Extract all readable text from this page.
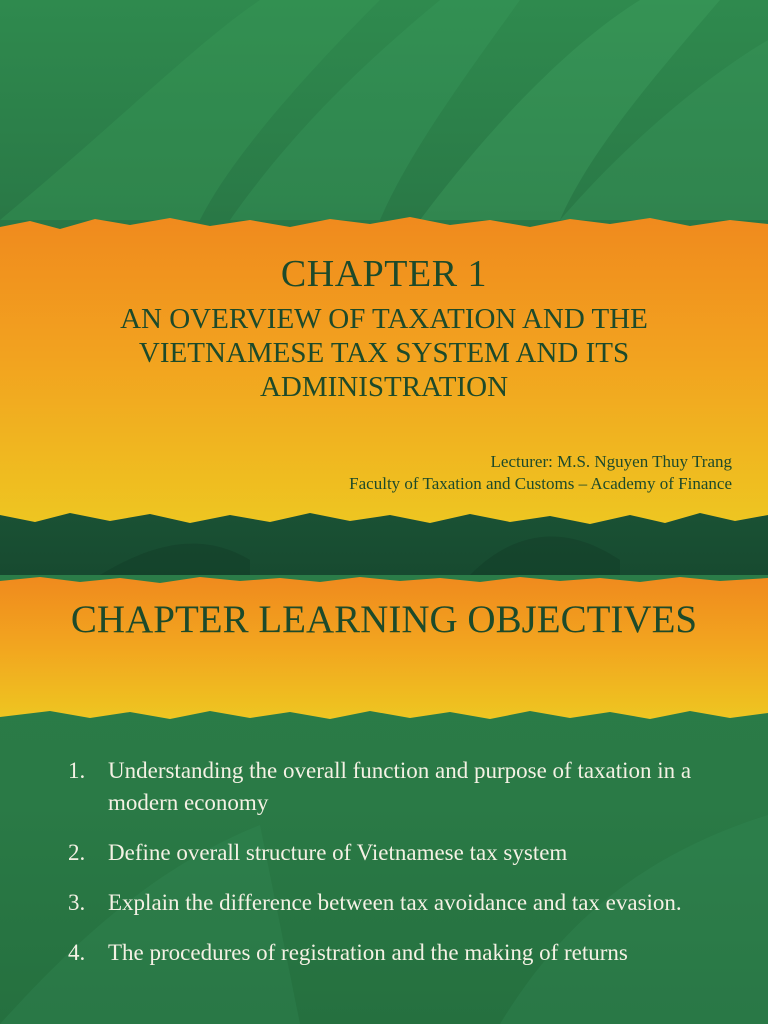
CHAPTER 1
AN OVERVIEW OF TAXATION AND THE VIETNAMESE TAX SYSTEM AND ITS ADMINISTRATION
Lecturer: M.S. Nguyen Thuy Trang
Faculty of Taxation and Customs – Academy of Finance
CHAPTER LEARNING OBJECTIVES
1. Understanding the overall function and purpose of taxation in a modern economy
2. Define overall structure of Vietnamese tax system
3. Explain the difference between tax avoidance and tax evasion.
4. The procedures of registration and the making of returns
